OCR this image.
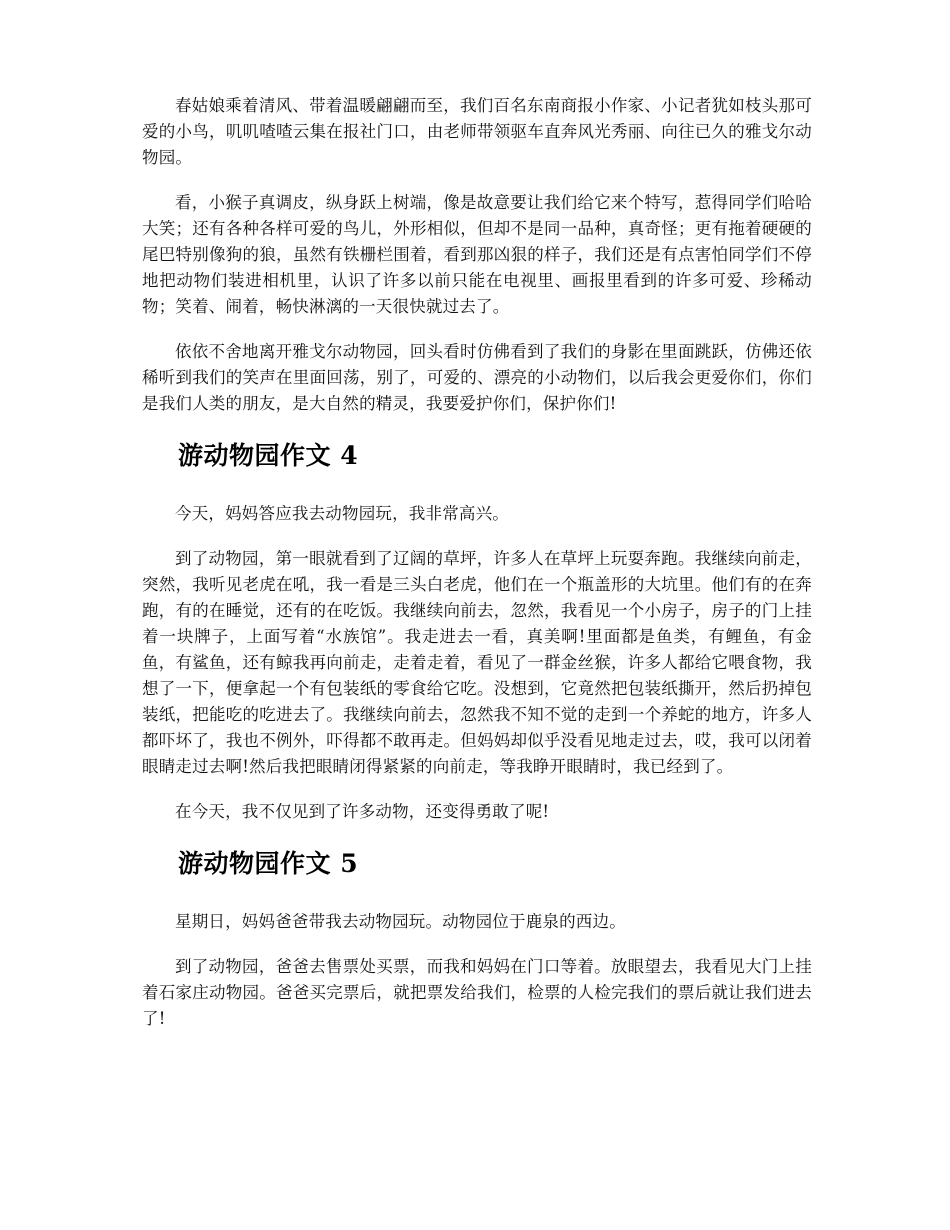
春姑娘乘着清风、带着温暖翩翩而至，我们百名东南商报小作家、小记者犹如枝头那可爱的小鸟，叽叽喳喳云集在报社门口，由老师带领驱车直奔风光秀丽、向往已久的雅戈尔动物园。

看，小猴子真调皮，纵身跃上树端，像是故意要让我们给它来个特写，惹得同学们哈哈大笑；还有各种各样可爱的鸟儿，外形相似，但却不是同一品种，真奇怪；更有拖着硬硬的尾巴特别像狗的狼，虽然有铁栅栏围着，看到那凶狠的样子，我们还是有点害怕同学们不停地把动物们装进相机里，认识了许多以前只能在电视里、画报里看到的许多可爱、珍稀动物；笑着、闹着，畅快淋漓的一天很快就过去了。

依依不舍地离开雅戈尔动物园，回头看时仿佛看到了我们的身影在里面跳跃，仿佛还依稀听到我们的笑声在里面回荡，别了，可爱的、漂亮的小动物们，以后我会更爱你们，你们是我们人类的朋友，是大自然的精灵，我要爱护你们，保护你们!

游动物园作文 4

今天，妈妈答应我去动物园玩，我非常高兴。

到了动物园，第一眼就看到了辽阔的草坪，许多人在草坪上玩耍奔跑。我继续向前走，突然，我听见老虎在吼，我一看是三头白老虎，他们在一个瓶盖形的大坑里。他们有的在奔跑，有的在睡觉，还有的在吃饭。我继续向前去，忽然，我看见一个小房子，房子的门上挂着一块牌子，上面写着“水族馆”。我走进去一看，真美啊!里面都是鱼类，有鲤鱼，有金鱼，有鲨鱼，还有鲸我再向前走，走着走着，看见了一群金丝猴，许多人都给它喂食物，我想了一下，便拿起一个有包装纸的零食给它吃。没想到，它竟然把包装纸撕开，然后扔掉包装纸，把能吃的吃进去了。我继续向前去，忽然我不知不觉的走到一个养蛇的地方，许多人都吓坏了，我也不例外，吓得都不敢再走。但妈妈却似乎没看见地走过去，哎，我可以闭着眼睛走过去啊!然后我把眼睛闭得紧紧的向前走，等我睁开眼睛时，我已经到了。

在今天，我不仅见到了许多动物，还变得勇敢了呢!

游动物园作文 5

星期日，妈妈爸爸带我去动物园玩。动物园位于鹿泉的西边。

到了动物园，爸爸去售票处买票，而我和妈妈在门口等着。放眼望去，我看见大门上挂着石家庄动物园。爸爸买完票后，就把票发给我们，检票的人检完我们的票后就让我们进去了!
